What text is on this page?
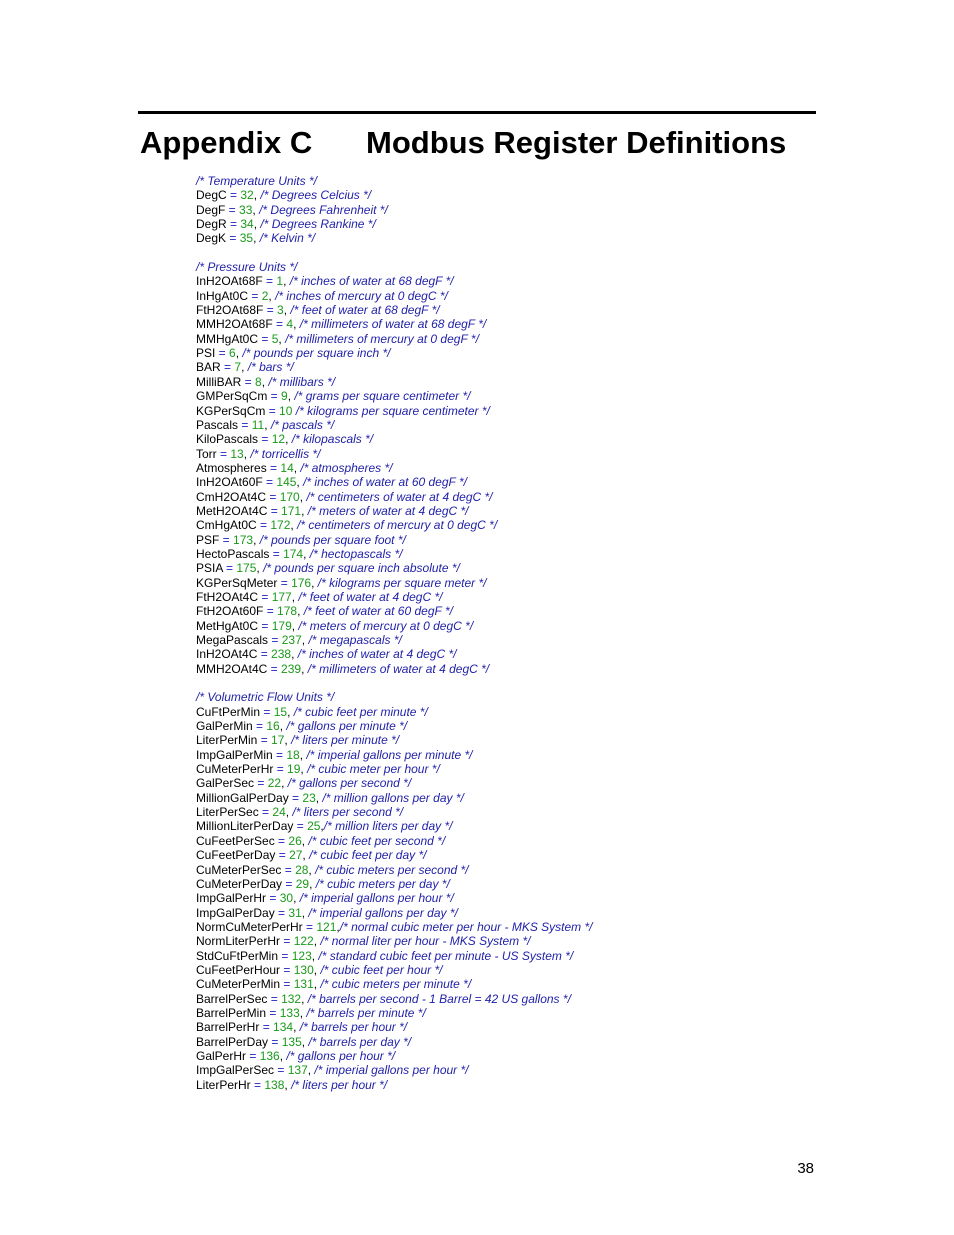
Appendix C Modbus Register Definitions
/* Temperature Units */
DegC = 32, /* Degrees Celcius */
DegF = 33, /* Degrees Fahrenheit */
DegR = 34, /* Degrees Rankine */
DegK = 35, /* Kelvin */
/* Pressure Units */
InH2OAt68F = 1, /* inches of water at 68 degF */
InHgAt0C = 2, /* inches of mercury at 0 degC */
FtH2OAt68F = 3, /* feet of water at 68 degF */
MMH2OAt68F = 4, /* millimeters of water at 68 degF */
MMHgAt0C = 5, /* millimeters of mercury at 0 degF */
PSI = 6, /* pounds per square inch */
BAR = 7, /* bars */
MilliBAR = 8, /* millibars */
GMPerSqCm = 9, /* grams per square centimeter */
KGPerSqCm = 10 /* kilograms per square centimeter */
Pascals = 11, /* pascals */
KiloPascals = 12, /* kilopascals */
Torr = 13, /* torricellis */
Atmospheres = 14, /* atmospheres */
InH2OAt60F = 145, /* inches of water at 60 degF */
CmH2OAt4C = 170, /* centimeters of water at 4 degC */
MetH2OAt4C = 171, /* meters of water at 4 degC */
CmHgAt0C = 172, /* centimeters of mercury at 0 degC */
PSF = 173, /* pounds per square foot */
HectoPascals = 174, /* hectopascals */
PSIA = 175, /* pounds per square inch absolute */
KGPerSqMeter = 176, /* kilograms per square meter */
FtH2OAt4C = 177, /* feet of water at 4 degC */
FtH2OAt60F = 178, /* feet of water at 60 degF */
MetHgAt0C = 179, /* meters of mercury at 0 degC */
MegaPascals = 237, /* megapascals */
InH2OAt4C = 238, /* inches of water at 4 degC */
MMH2OAt4C = 239, /* millimeters of water at 4 degC */
/* Volumetric Flow Units */
CuFtPerMin = 15, /* cubic feet per minute */
GalPerMin = 16, /* gallons per minute */
LiterPerMin = 17, /* liters per minute */
ImpGalPerMin = 18, /* imperial gallons per minute */
CuMeterPerHr = 19, /* cubic meter per hour */
GalPerSec = 22, /* gallons per second */
MillionGalPerDay = 23, /* million gallons per day */
LiterPerSec = 24, /* liters per second */
MillionLiterPerDay = 25,/* million liters per day */
CuFeetPerSec = 26, /* cubic feet per second */
CuFeetPerDay = 27, /* cubic feet per day */
CuMeterPerSec = 28, /* cubic meters per second */
CuMeterPerDay = 29, /* cubic meters per day */
ImpGalPerHr = 30, /* imperial gallons per hour */
ImpGalPerDay = 31, /* imperial gallons per day */
NormCuMeterPerHr = 121,/* normal cubic meter per hour - MKS System */
NormLiterPerHr = 122, /* normal liter per hour - MKS System */
StdCuFtPerMin = 123, /* standard cubic feet per minute - US System */
CuFeetPerHour = 130, /* cubic feet per hour */
CuMeterPerMin = 131, /* cubic meters per minute */
BarrelPerSec = 132, /* barrels per second - 1 Barrel = 42 US gallons */
BarrelPerMin = 133, /* barrels per minute */
BarrelPerHr = 134, /* barrels per hour */
BarrelPerDay = 135, /* barrels per day */
GalPerHr = 136, /* gallons per hour */
ImpGalPerSec = 137, /* imperial gallons per hour */
LiterPerHr = 138, /* liters per hour */
38
